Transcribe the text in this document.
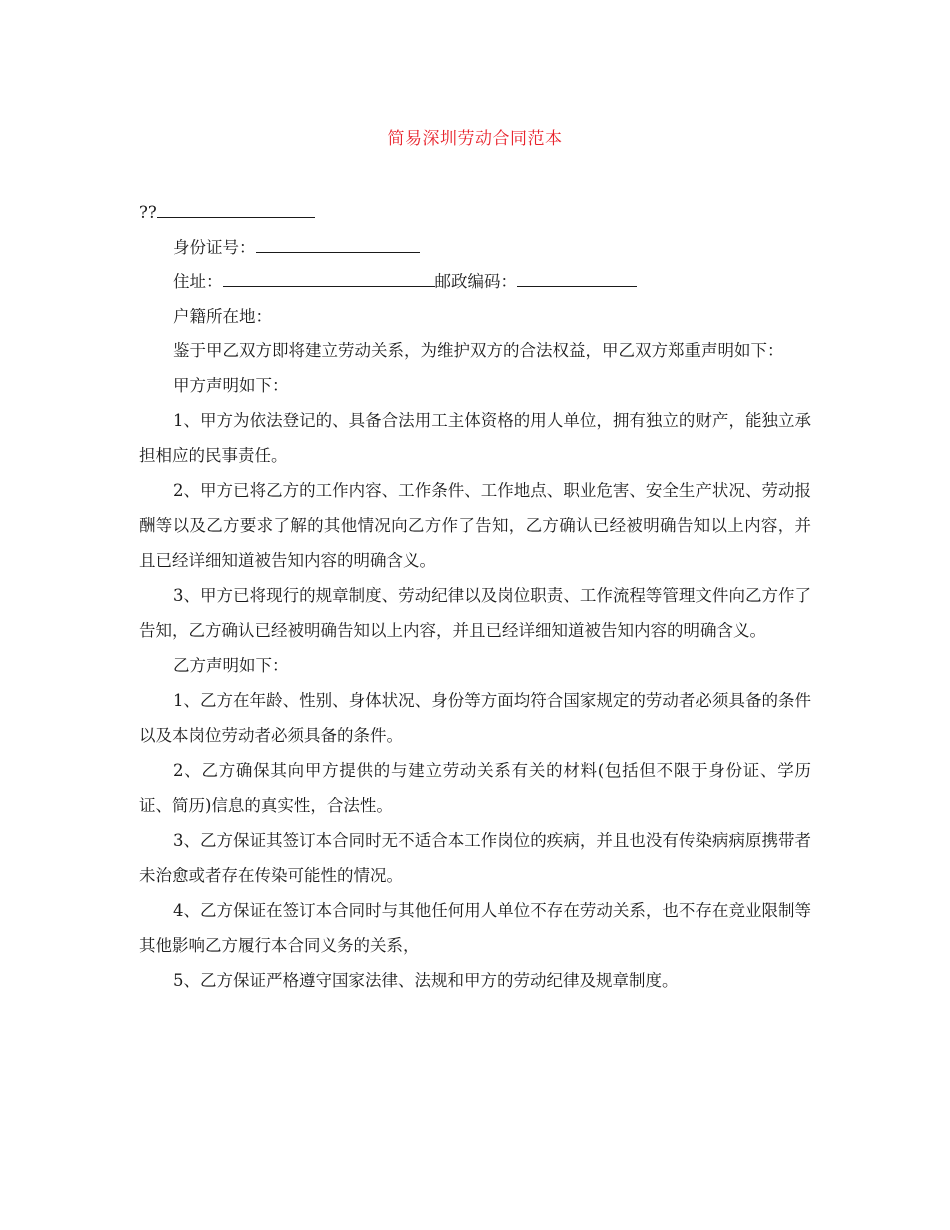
简易深圳劳动合同范本
??
身份证号：
住址：	邮政编码：
户籍所在地：

鉴于甲乙双方即将建立劳动关系，为维护双方的合法权益，甲乙双方郑重声明如下：

甲方声明如下：

1、甲方为依法登记的、具备合法用工主体资格的用人单位，拥有独立的财产，能独立承担相应的民事责任。

2、甲方已将乙方的工作内容、工作条件、工作地点、职业危害、安全生产状况、劳动报酬等以及乙方要求了解的其他情况向乙方作了告知，乙方确认已经被明确告知以上内容，并且已经详细知道被告知内容的明确含义。

3、甲方已将现行的规章制度、劳动纪律以及岗位职责、工作流程等管理文件向乙方作了告知，乙方确认已经被明确告知以上内容，并且已经详细知道被告知内容的明确含义。

乙方声明如下：

1、乙方在年龄、性别、身体状况、身份等方面均符合国家规定的劳动者必须具备的条件以及本岗位劳动者必须具备的条件。

2、乙方确保其向甲方提供的与建立劳动关系有关的材料(包括但不限于身份证、学历证、简历)信息的真实性，合法性。

3、乙方保证其签订本合同时无不适合本工作岗位的疾病，并且也没有传染病病原携带者未治愈或者存在传染可能性的情况。

4、乙方保证在签订本合同时与其他任何用人单位不存在劳动关系，也不存在竞业限制等其他影响乙方履行本合同义务的关系，

5、乙方保证严格遵守国家法律、法规和甲方的劳动纪律及规章制度。
